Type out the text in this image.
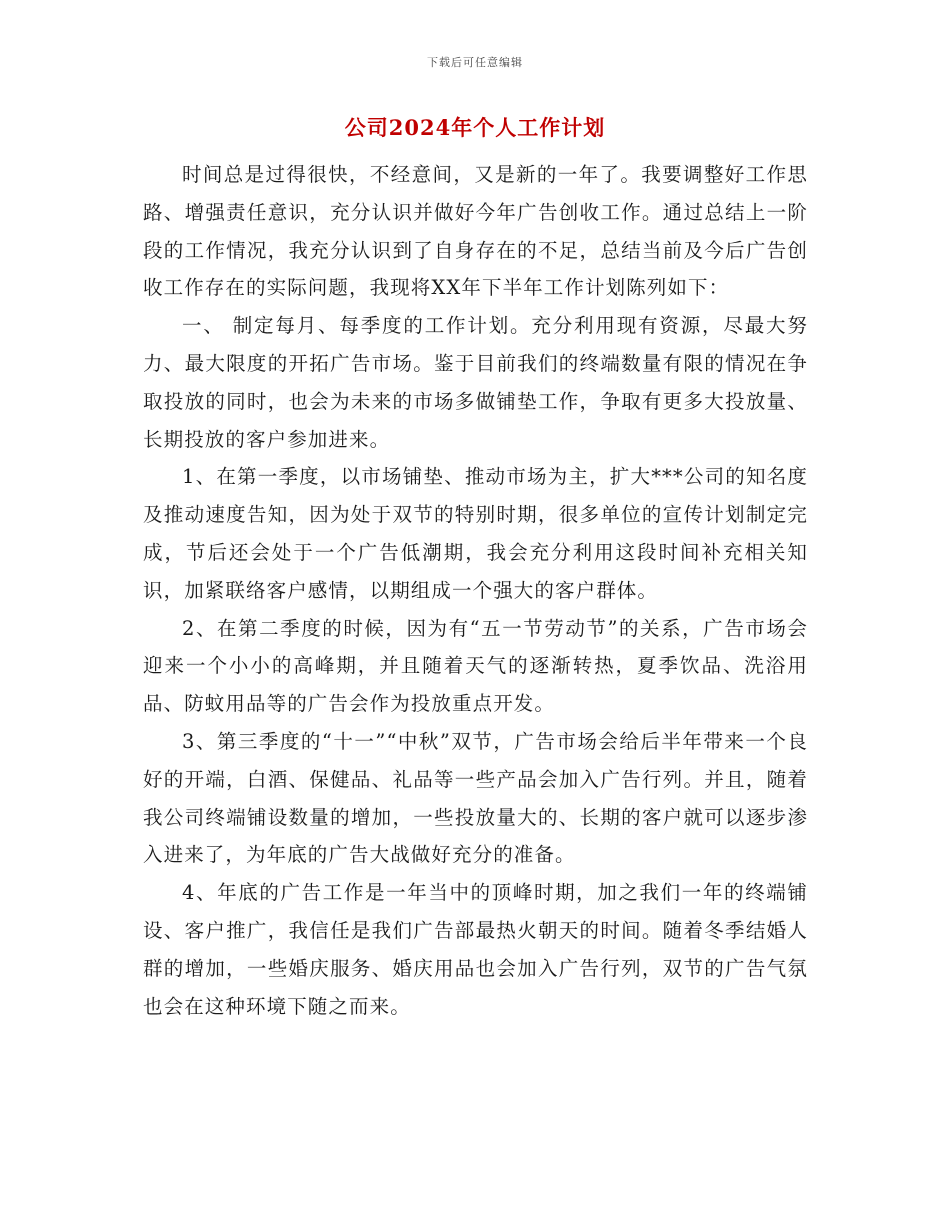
下载后可任意编辑
公司2024年个人工作计划

时间总是过得很快，不经意间，又是新的一年了。我要调整好工作思路、增强责任意识，充分认识并做好今年广告创收工作。通过总结上一阶段的工作情况，我充分认识到了自身存在的不足，总结当前及今后广告创收工作存在的实际问题，我现将XX年下半年工作计划陈列如下：

一、 制定每月、每季度的工作计划。充分利用现有资源，尽最大努力、最大限度的开拓广告市场。鉴于目前我们的终端数量有限的情况在争取投放的同时，也会为未来的市场多做铺垫工作，争取有更多大投放量、长期投放的客户参加进来。

1、在第一季度，以市场铺垫、推动市场为主，扩大***公司的知名度及推动速度告知，因为处于双节的特别时期，很多单位的宣传计划制定完成，节后还会处于一个广告低潮期，我会充分利用这段时间补充相关知识，加紧联络客户感情，以期组成一个强大的客户群体。

2、在第二季度的时候，因为有“五一节劳动节”的关系，广告市场会迎来一个小小的高峰期，并且随着天气的逐渐转热，夏季饮品、洗浴用品、防蚊用品等的广告会作为投放重点开发。

3、第三季度的“十一”“中秋”双节，广告市场会给后半年带来一个良好的开端，白酒、保健品、礼品等一些产品会加入广告行列。并且，随着我公司终端铺设数量的增加，一些投放量大的、长期的客户就可以逐步渗入进来了，为年底的广告大战做好充分的准备。

4、年底的广告工作是一年当中的顶峰时期，加之我们一年的终端铺设、客户推广，我信任是我们广告部最热火朝天的时间。随着冬季结婚人群的增加，一些婚庆服务、婚庆用品也会加入广告行列，双节的广告气氛也会在这种环境下随之而来。
